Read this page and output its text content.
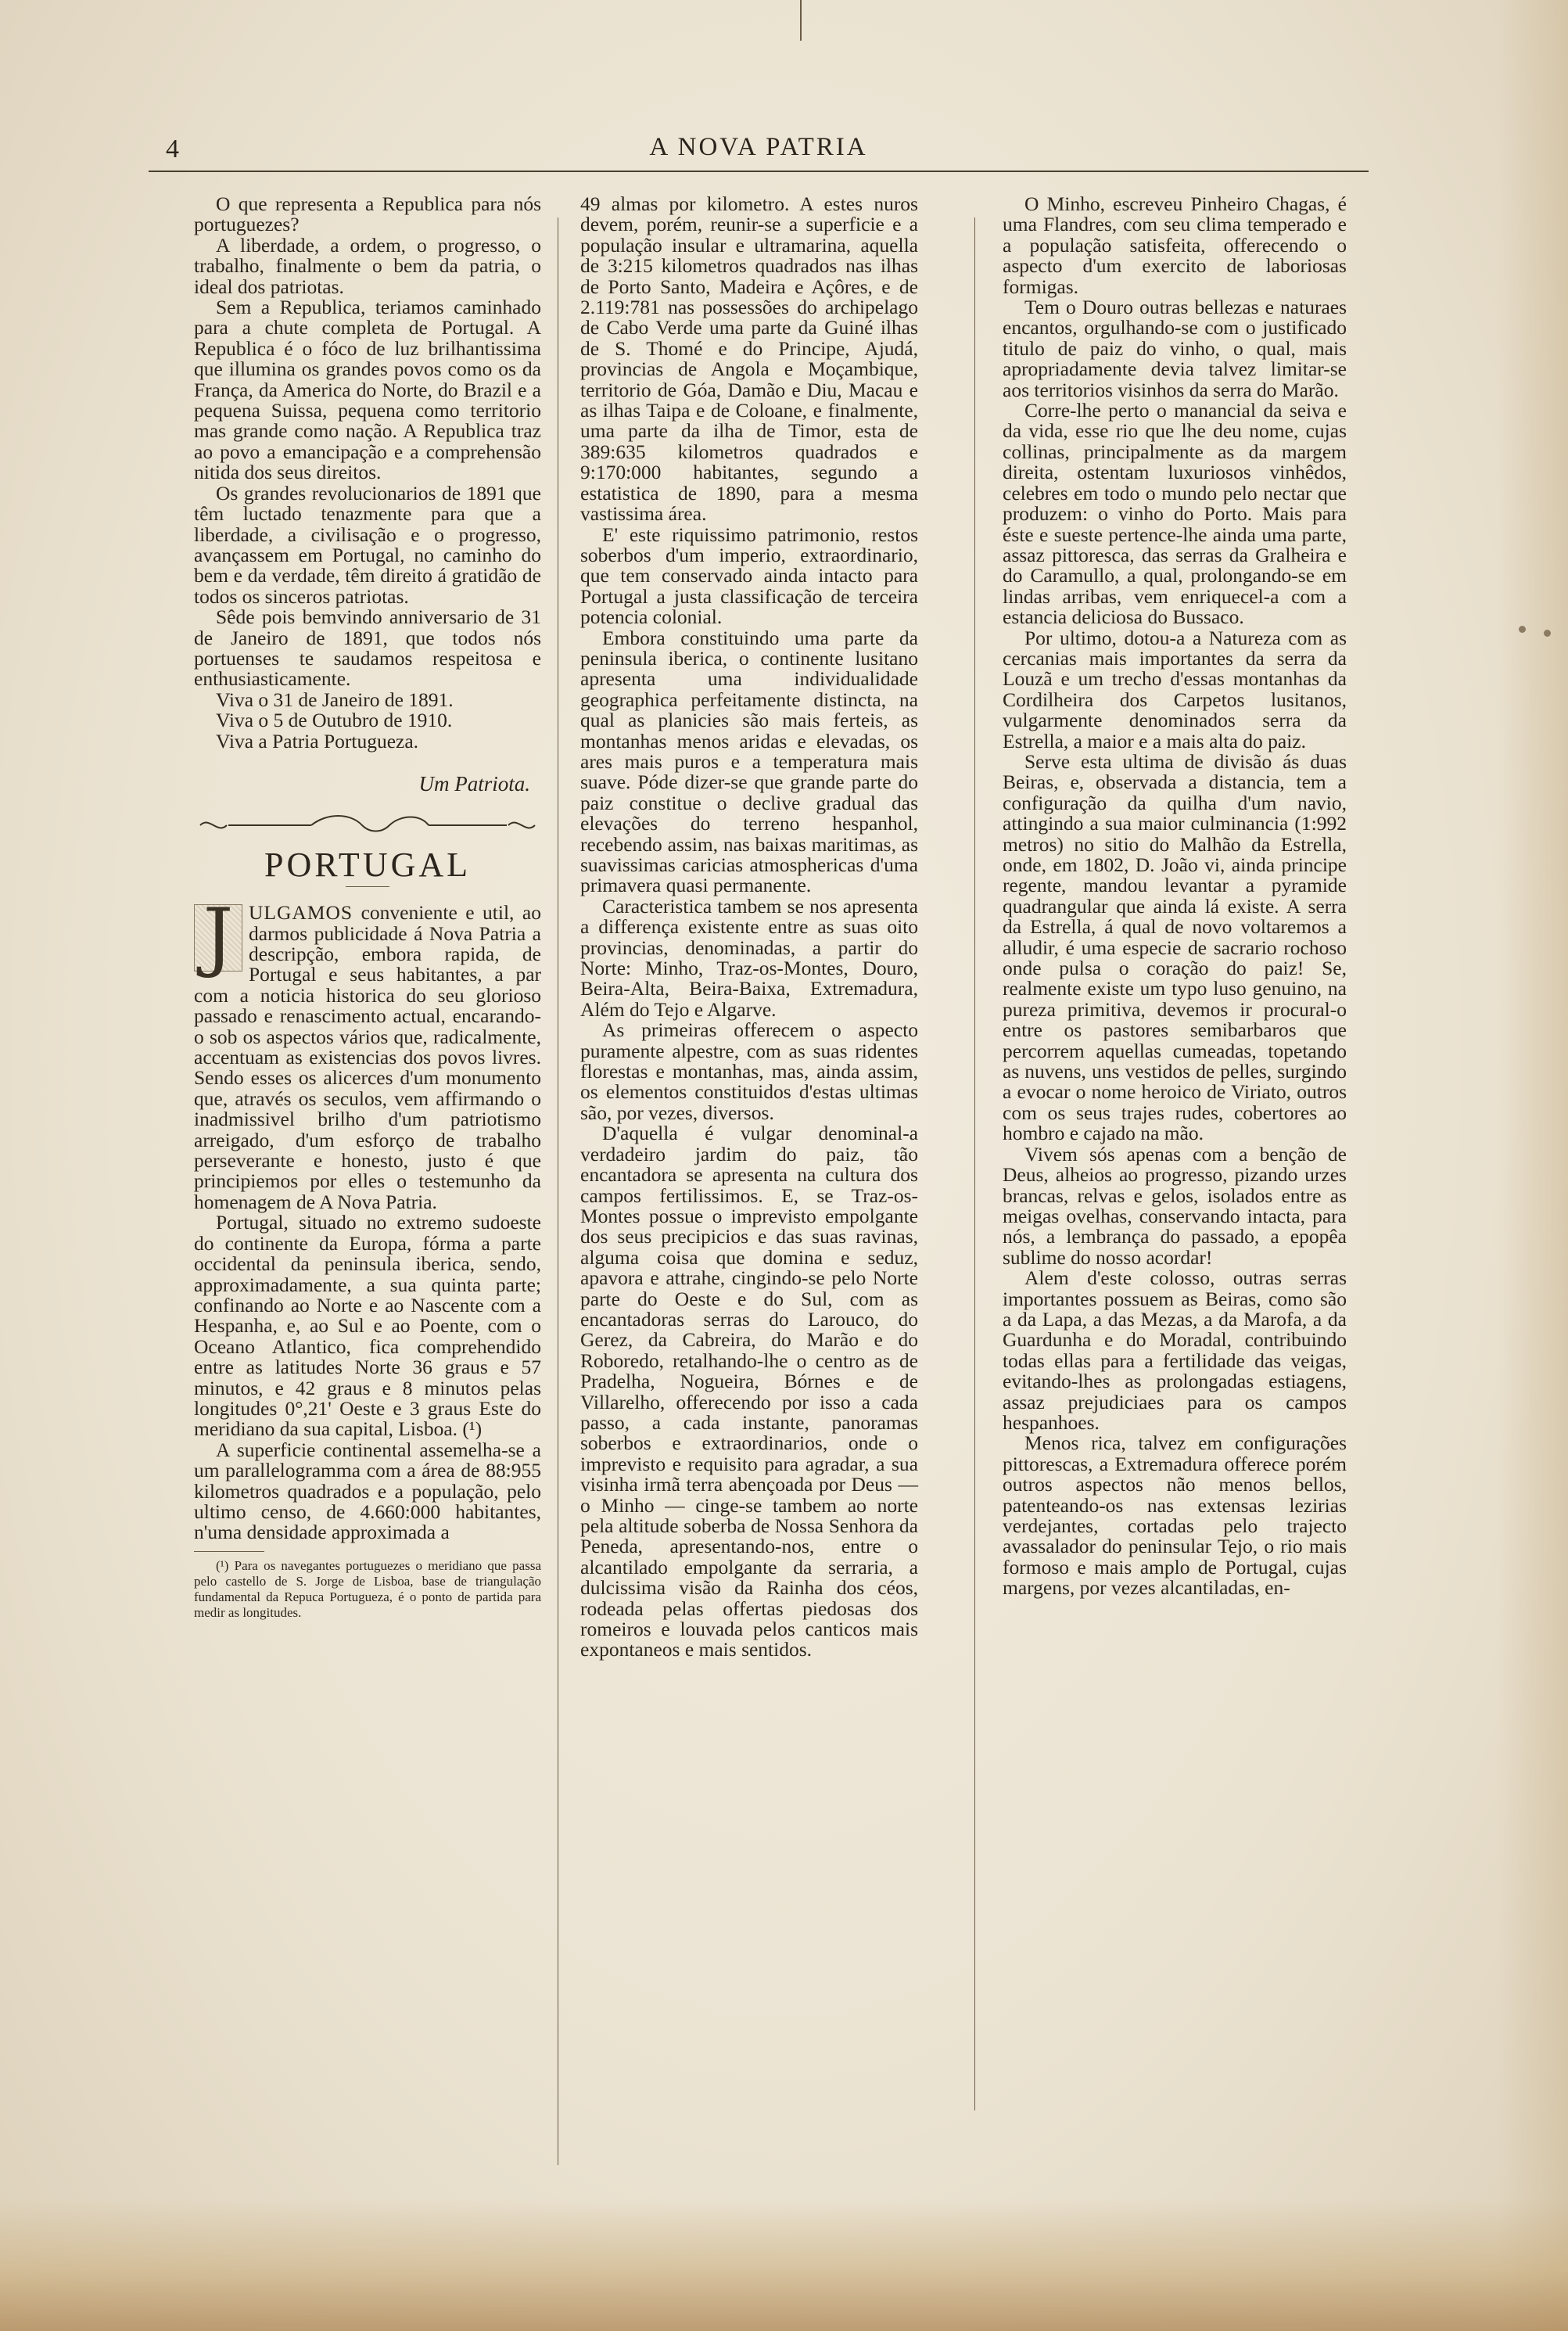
4	A NOVA PATRIA

O que representa a Republica para nós portuguezes?

A liberdade, a ordem, o progresso, o trabalho, finalmente o bem da patria, o ideal dos patriotas.

Sem a Republica, teriamos caminhado para a chute completa de Portugal. A Republica é o fóco de luz brilhantissima que illumina os grandes povos como os da França, da America do Norte, do Brazil e a pequena Suissa, pequena como territorio mas grande como nação. A Republica traz ao povo a emancipação e a comprehensão nitida dos seus direitos.

Os grandes revolucionarios de 1891 que têm luctado tenazmente para que a liberdade, a civilisação e o progresso, avançassem em Portugal, no caminho do bem e da verdade, têm direito á gratidão de todos os sinceros patriotas.

Sêde pois bemvindo anniversario de 31 de Janeiro de 1891, que todos nós portuenses te saudamos respeitosa e enthusiasticamente.

Viva o 31 de Janeiro de 1891.

Viva o 5 de Outubro de 1910.

Viva a Patria Portugueza.

Um Patriota.
PORTUGAL

J ULGAMOS conveniente e util, ao darmos publicidade á Nova Patria a descripção, embora rapida, de Portugal e seus habitantes, a par com a noticia historica do seu glorioso passado e renascimento actual, encarando-o sob os aspectos vários que, radicalmente, accentuam as existencias dos povos livres. Sendo esses os alicerces d'um monumento que, através os seculos, vem affirmando o inadmissivel brilho d'um patriotismo arreigado, d'um esforço de trabalho perseverante e honesto, justo é que principiemos por elles o testemunho da homenagem de A Nova Patria.

Portugal, situado no extremo sudoeste do continente da Europa, fórma a parte occidental da peninsula iberica, sendo, approximadamente, a sua quinta parte; confinando ao Norte e ao Nascente com a Hespanha, e, ao Sul e ao Poente, com o Oceano Atlantico, fica comprehendido entre as latitudes Norte 36 graus e 57 minutos, e 42 graus e 8 minutos pelas longitudes 0°,21' Oeste e 3 graus Este do meridiano da sua capital, Lisboa. (¹)

A superficie continental assemelha-se a um parallelogramma com a área de 88:955 kilometros quadrados e a população, pelo ultimo censo, de 4.660:000 habitantes, n'uma densidade approximada a

(¹) Para os navegantes portuguezes o meridiano que passa pelo castello de S. Jorge de Lisboa, base de triangulação fundamental da Repuca Portugueza, é o ponto de partida para medir as longitudes.

49 almas por kilometro. A estes nuros devem, porém, reunir-se a superficie e a população insular e ultramarina, aquella de 3:215 kilometros quadrados nas ilhas de Porto Santo, Madeira e Açôres, e de 2.119:781 nas possessões do archipelago de Cabo Verde uma parte da Guiné ilhas de S. Thomé e do Principe, Ajudá, provincias de Angola e Moçambique, territorio de Góa, Damão e Diu, Macau e as ilhas Taipa e de Coloane, e finalmente, uma parte da ilha de Timor, esta de 389:635 kilometros quadrados e 9:170:000 habitantes, segundo a estatistica de 1890, para a mesma vastissima área.

E' este riquissimo patrimonio, restos soberbos d'um imperio, extraordinario, que tem conservado ainda intacto para Portugal a justa classificação de terceira potencia colonial.

Embora constituindo uma parte da peninsula iberica, o continente lusitano apresenta uma individualidade geographica perfeitamente distincta, na qual as planicies são mais ferteis, as montanhas menos aridas e elevadas, os ares mais puros e a temperatura mais suave. Póde dizer-se que grande parte do paiz constitue o declive gradual das elevações do terreno hespanhol, recebendo assim, nas baixas maritimas, as suavissimas caricias atmosphericas d'uma primavera quasi permanente.

Caracteristica tambem se nos apresenta a differença existente entre as suas oito provincias, denominadas, a partir do Norte: Minho, Traz-os-Montes, Douro, Beira-Alta, Beira-Baixa, Extremadura, Além do Tejo e Algarve.

As primeiras offerecem o aspecto puramente alpestre, com as suas ridentes florestas e montanhas, mas, ainda assim, os elementos constituidos d'estas ultimas são, por vezes, diversos.

D'aquella é vulgar denominal-a verdadeiro jardim do paiz, tão encantadora se apresenta na cultura dos campos fertilissimos. E, se Traz-os-Montes possue o imprevisto empolgante dos seus precipicios e das suas ravinas, alguma coisa que domina e seduz, apavora e attrahe, cingindo-se pelo Norte parte do Oeste e do Sul, com as encantadoras serras do Larouco, do Gerez, da Cabreira, do Marão e do Roboredo, retalhando-lhe o centro as de Pradelha, Nogueira, Bórnes e de Villarelho, offerecendo por isso a cada passo, a cada instante, panoramas soberbos e extraordinarios, onde o imprevisto e requisito para agradar, a sua visinha irmã terra abençoada por Deus — o Minho — cinge-se tambem ao norte pela altitude soberba de Nossa Senhora da Peneda, apresentando-nos, entre o alcantilado empolgante da serraria, a dulcissima visão da Rainha dos céos, rodeada pelas offertas piedosas dos romeiros e louvada pelos canticos mais expontaneos e mais sentidos.

O Minho, escreveu Pinheiro Chagas, é uma Flandres, com seu clima temperado e a população satisfeita, offerecendo o aspecto d'um exercito de laboriosas formigas.

Tem o Douro outras bellezas e naturaes encantos, orgulhando-se com o justificado titulo de paiz do vinho, o qual, mais apropriadamente devia talvez limitar-se aos territorios visinhos da serra do Marão.

Corre-lhe perto o manancial da seiva e da vida, esse rio que lhe deu nome, cujas collinas, principalmente as da margem direita, ostentam luxuriosos vinhêdos, celebres em todo o mundo pelo nectar que produzem: o vinho do Porto. Mais para éste e sueste pertence-lhe ainda uma parte, assaz pittoresca, das serras da Gralheira e do Caramullo, a qual, prolongando-se em lindas arribas, vem enriquecel-a com a estancia deliciosa do Bussaco.

Por ultimo, dotou-a a Natureza com as cercanias mais importantes da serra da Louzã e um trecho d'essas montanhas da Cordilheira dos Carpetos lusitanos, vulgarmente denominados serra da Estrella, a maior e a mais alta do paiz.

Serve esta ultima de divisão ás duas Beiras, e, observada a distancia, tem a configuração da quilha d'um navio, attingindo a sua maior culminancia (1:992 metros) no sitio do Malhão da Estrella, onde, em 1802, D. João vi, ainda principe regente, mandou levantar a pyramide quadrangular que ainda lá existe. A serra da Estrella, á qual de novo voltaremos a alludir, é uma especie de sacrario rochoso onde pulsa o coração do paiz! Se, realmente existe um typo luso genuino, na pureza primitiva, devemos ir procural-o entre os pastores semibarbaros que percorrem aquellas cumeadas, topetando as nuvens, uns vestidos de pelles, surgindo a evocar o nome heroico de Viriato, outros com os seus trajes rudes, cobertores ao hombro e cajado na mão.

Vivem sós apenas com a benção de Deus, alheios ao progresso, pizando urzes brancas, relvas e gelos, isolados entre as meigas ovelhas, conservando intacta, para nós, a lembrança do passado, a epopêa sublime do nosso acordar!

Alem d'este colosso, outras serras importantes possuem as Beiras, como são a da Lapa, a das Mezas, a da Marofa, a da Guardunha e do Moradal, contribuindo todas ellas para a fertilidade das veigas, evitando-lhes as prolongadas estiagens, assaz prejudiciaes para os campos hespanhoes.

Menos rica, talvez em configurações pittorescas, a Extremadura offerece porém outros aspectos não menos bellos, patenteando-os nas extensas lezirias verdejantes, cortadas pelo trajecto avassalador do peninsular Tejo, o rio mais formoso e mais amplo de Portugal, cujas margens, por vezes alcantiladas, en-
